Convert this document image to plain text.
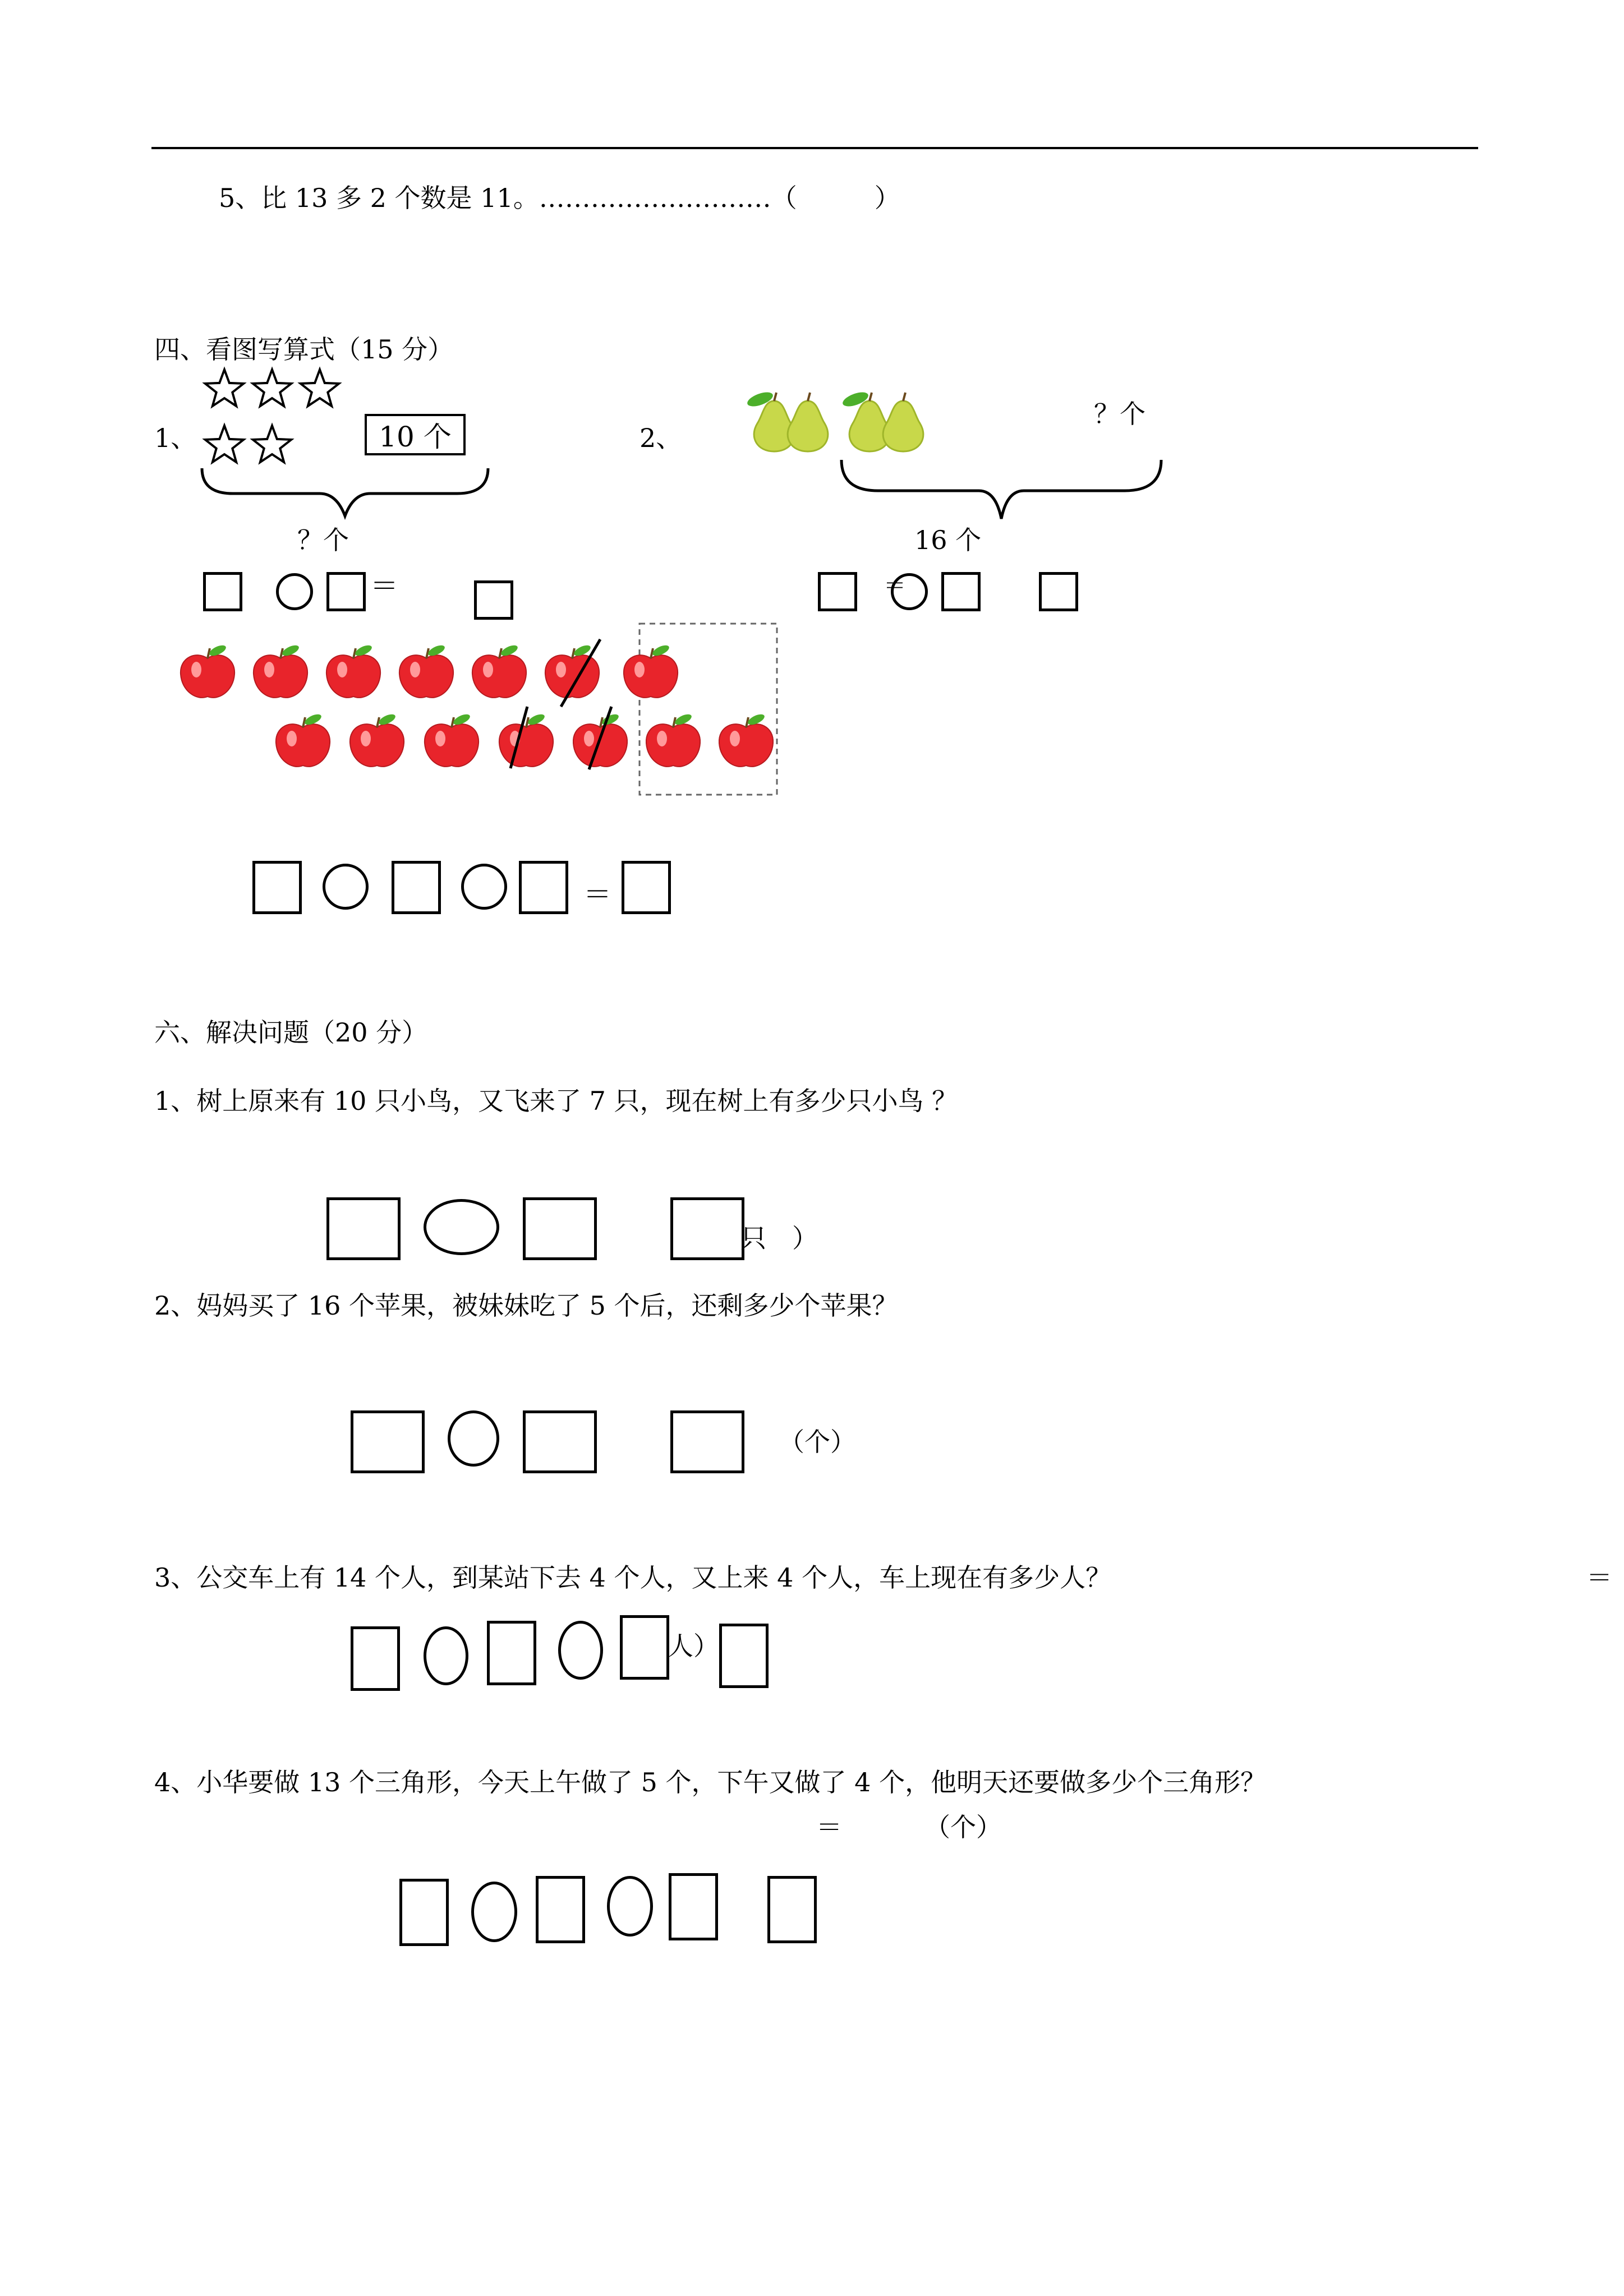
5、比 13 多 2 个数是 11。………………………（　　　）
四、看图写算式（15 分）
1、	10 个
？个
＝
2、
？个
16 个
＝
＝
六、解决问题（20 分）
1、树上原来有 10 只小鸟，又飞来了 7 只，现在树上有多少只小鸟 ？
只　）
2、妈妈买了 16 个苹果，被妹妹吃了 5 个后，还剩多少个苹果？
（个）
3、公交车上有 14 个人，到某站下去 4 个人，又上来 4 个人，车上现在有多少人？	＝
人）
4、小华要做 13 个三角形，今天上午做了 5 个，下午又做了 4 个，他明天还要做多少个三角形？
＝	（个）
